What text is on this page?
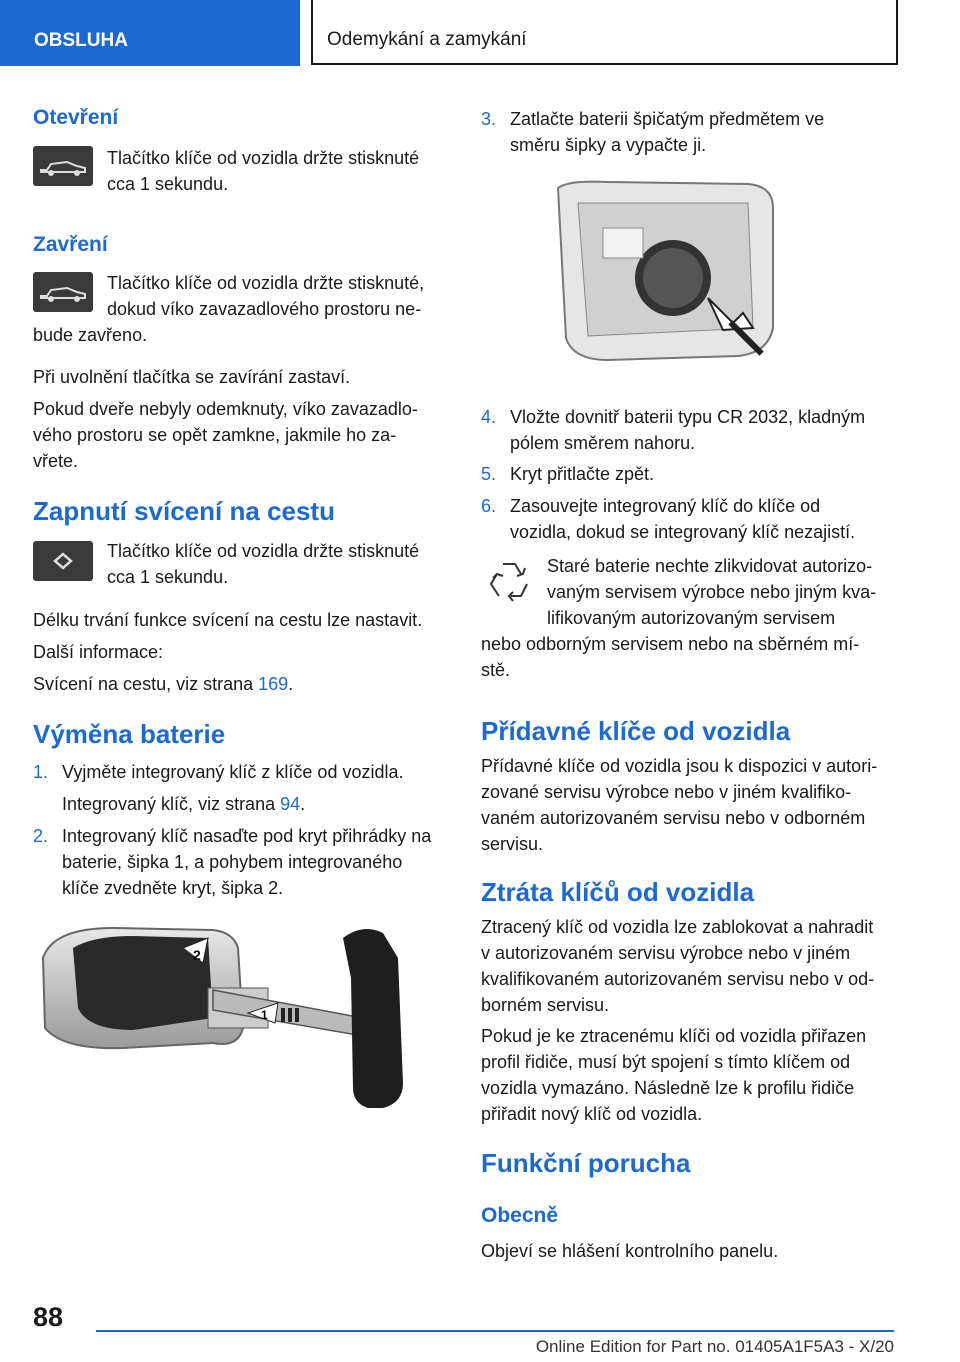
OBSLUHA	Odemykání a zamykání
Otevření

Tlačítko klíče od vozidla držte stisknuté

cca 1 sekundu.

Zavření

Tlačítko klíče od vozidla držte stisknuté,

dokud víko zavazadlového prostoru ne‐

bude zavřeno.

Při uvolnění tlačítka se zavírání zastaví.

Pokud dveře nebyly odemknuty, víko zavazadlo‐

vého prostoru se opět zamkne, jakmile ho za‐

vřete.

Zapnutí svícení na cestu

Tlačítko klíče od vozidla držte stisknuté

cca 1 sekundu.

Délku trvání funkce svícení na cestu lze nastavit.

Další informace:

Svícení na cestu, viz strana 169.

Výměna baterie

1. Vyjměte integrovaný klíč z klíče od vozidla.

Integrovaný klíč, viz strana 94.

2. Integrovaný klíč nasaďte pod kryt přihrádky na

baterie, šipka 1, a pohybem integrovaného

klíče zvedněte kryt, šipka 2.

2
1

3. Zatlačte baterii špičatým předmětem ve

směru šipky a vypačte ji.

4. Vložte dovnitř baterii typu CR 2032, kladným

pólem směrem nahoru.

5. Kryt přitlačte zpět.

6. Zasouvejte integrovaný klíč do klíče od

vozidla, dokud se integrovaný klíč nezajistí.

Staré baterie nechte zlikvidovat autorizo‐

vaným servisem výrobce nebo jiným kva‐

lifikovaným autorizovaným servisem

nebo odborným servisem nebo na sběrném mí‐

stě.

Přídavné klíče od vozidla

Přídavné klíče od vozidla jsou k dispozici v autori‐

zované servisu výrobce nebo v jiném kvalifiko‐

vaném autorizovaném servisu nebo v odborném

servisu.

Ztráta klíčů od vozidla

Ztracený klíč od vozidla lze zablokovat a nahradit

v autorizovaném servisu výrobce nebo v jiném

kvalifikovaném autorizovaném servisu nebo v od‐

borném servisu.

Pokud je ke ztracenému klíči od vozidla přiřazen

profil řidiče, musí být spojení s tímto klíčem od

vozidla vymazáno. Následně lze k profilu řidiče

přiřadit nový klíč od vozidla.

Funkční porucha
Obecně

Objeví se hlášení kontrolního panelu.

88
Online Edition for Part no. 01405A1F5A3 - X/20
